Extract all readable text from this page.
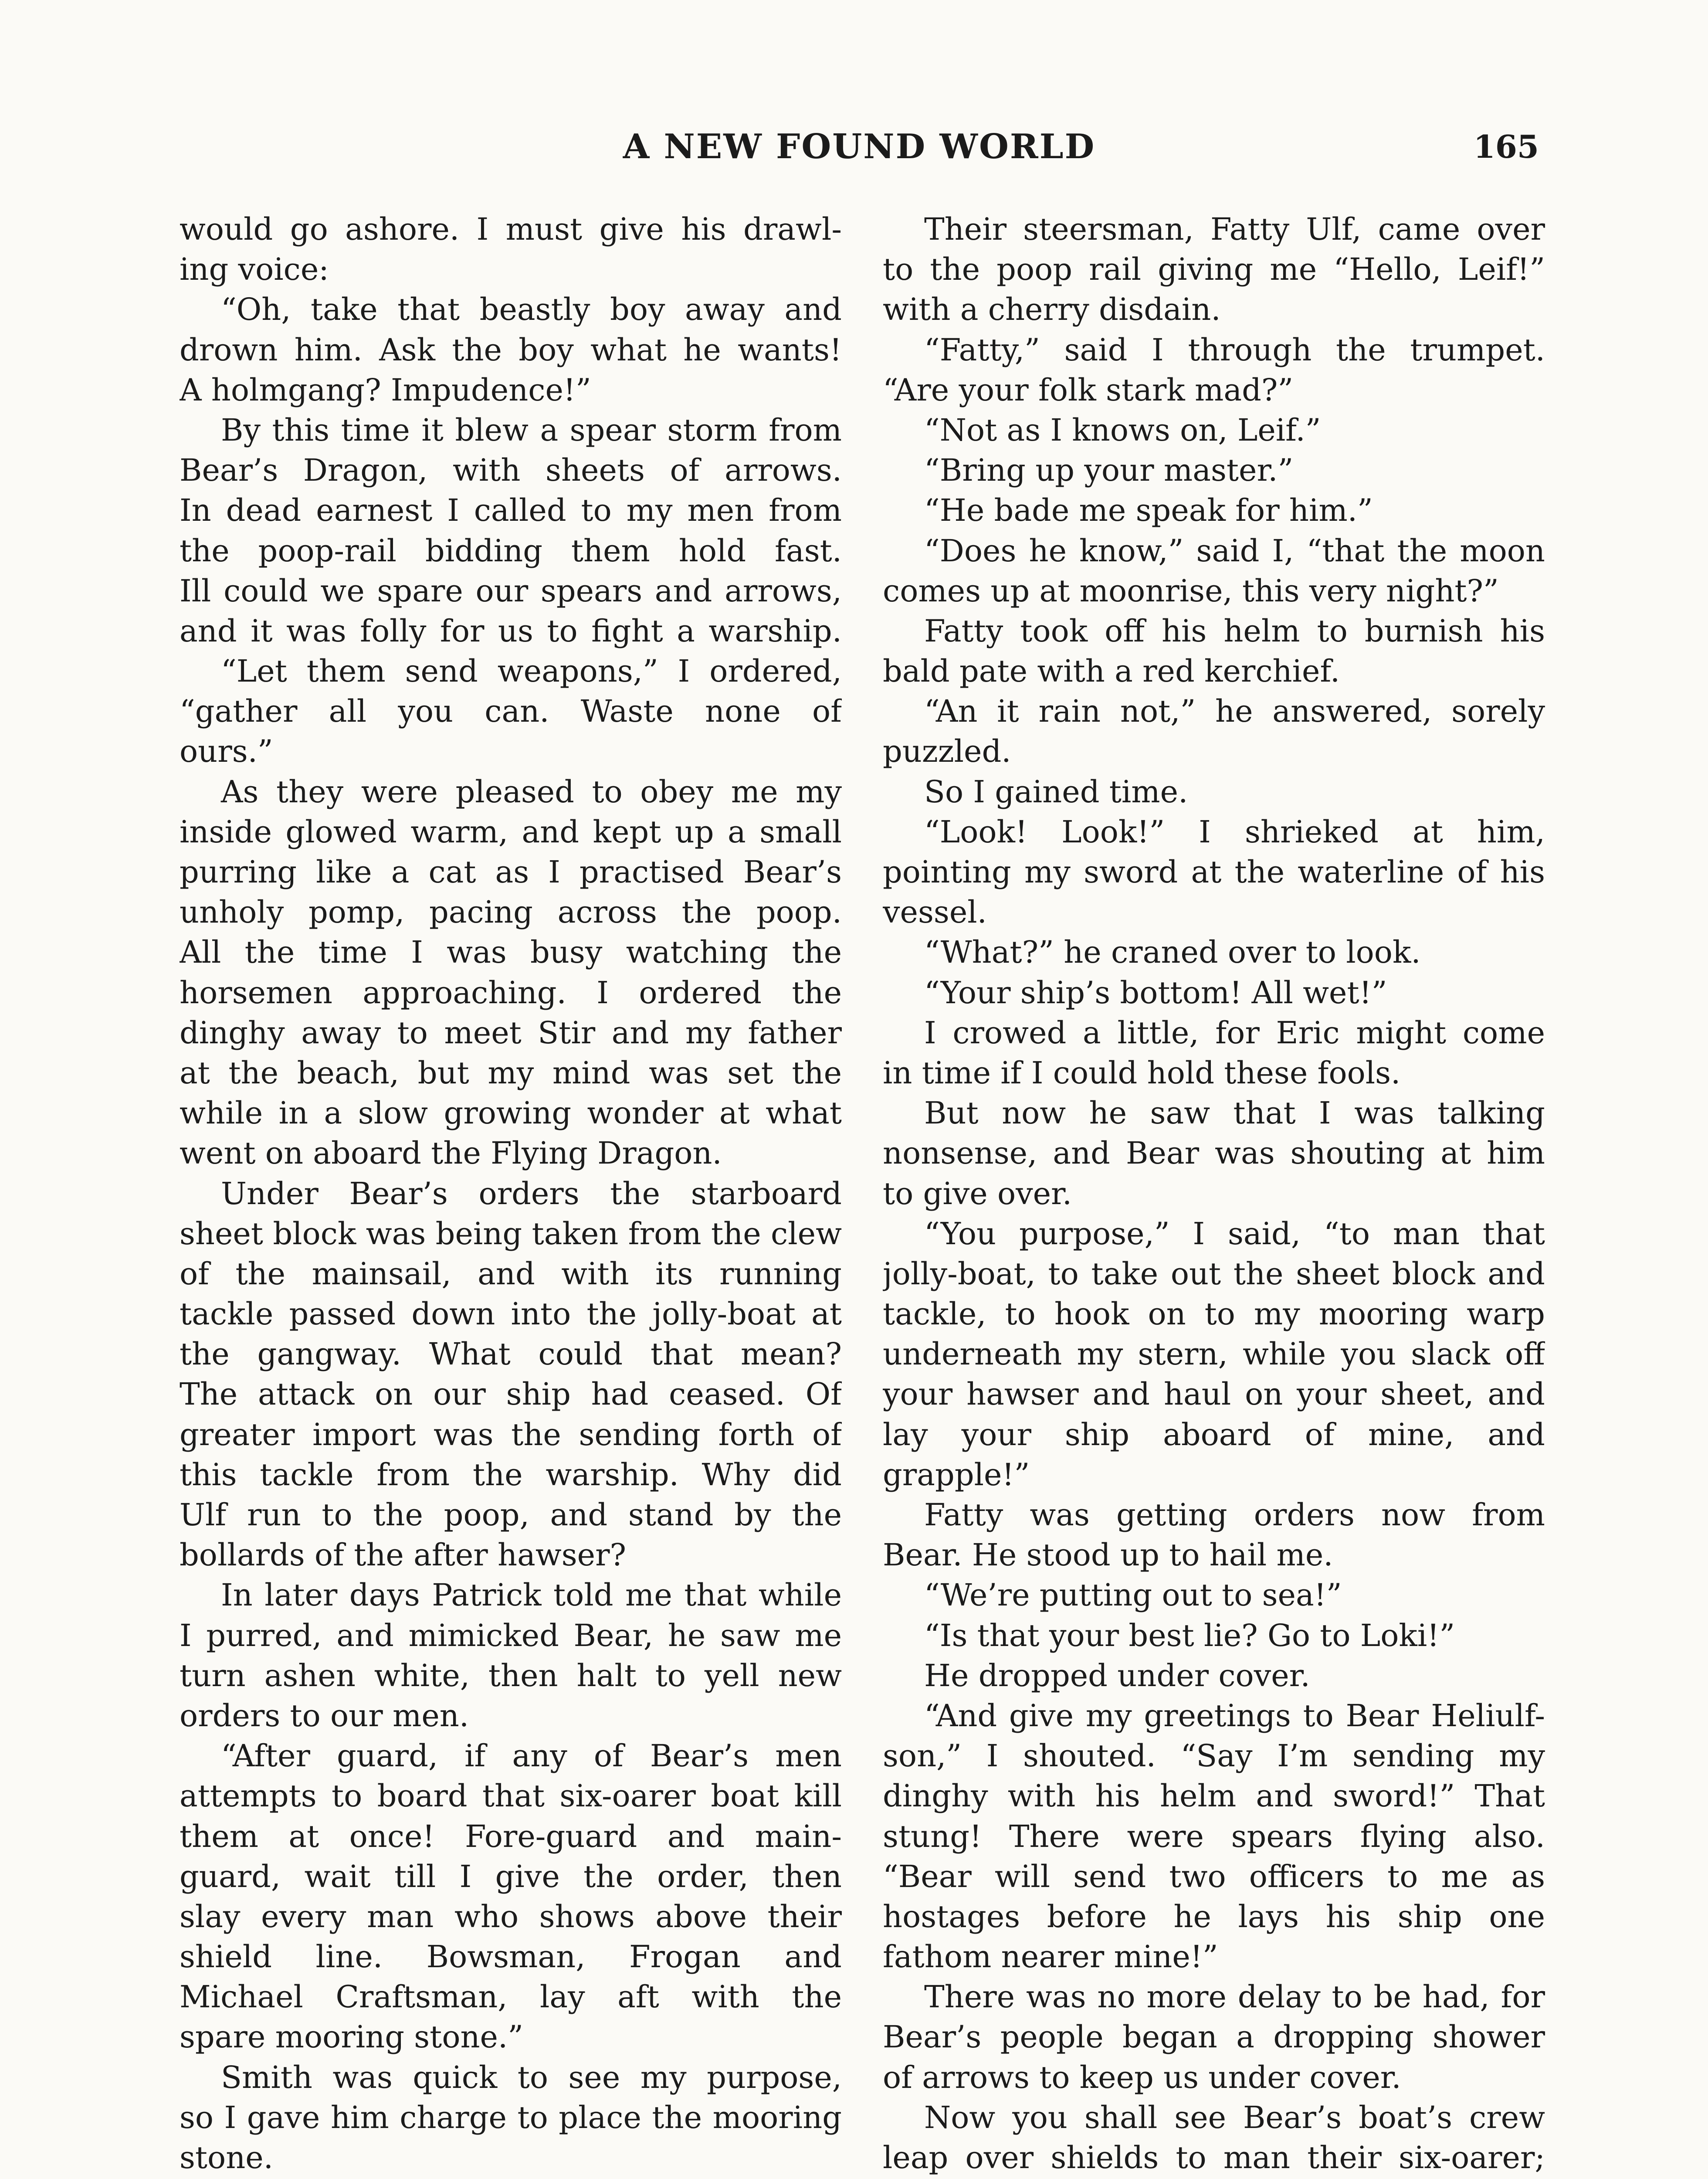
A NEW FOUND WORLD	165
would go ashore. I must give his drawl-
ing voice:
“Oh, take that beastly boy away and
drown him. Ask the boy what he wants!
A holmgang? Impudence!”
By this time it blew a spear storm from
Bear’s Dragon, with sheets of arrows.
In dead earnest I called to my men from
the poop-rail bidding them hold fast.
Ill could we spare our spears and arrows,
and it was folly for us to fight a warship.
“Let them send weapons,” I ordered,
“gather all you can. Waste none of
ours.”
As they were pleased to obey me my
inside glowed warm, and kept up a small
purring like a cat as I practised Bear’s
unholy pomp, pacing across the poop.
All the time I was busy watching the
horsemen approaching. I ordered the
dinghy away to meet Stir and my father
at the beach, but my mind was set the
while in a slow growing wonder at what
went on aboard the Flying Dragon.
Under Bear’s orders the starboard
sheet block was being taken from the clew
of the mainsail, and with its running
tackle passed down into the jolly-boat at
the gangway. What could that mean?
The attack on our ship had ceased. Of
greater import was the sending forth of
this tackle from the warship. Why did
Ulf run to the poop, and stand by the
bollards of the after hawser?
In later days Patrick told me that while
I purred, and mimicked Bear, he saw me
turn ashen white, then halt to yell new
orders to our men.
“After guard, if any of Bear’s men
attempts to board that six-oarer boat kill
them at once! Fore-guard and main-
guard, wait till I give the order, then
slay every man who shows above their
shield line. Bowsman, Frogan and
Michael Craftsman, lay aft with the
spare mooring stone.”
Smith was quick to see my purpose,
so I gave him charge to place the mooring
stone.
Their steersman, Fatty Ulf, came over
to the poop rail giving me “Hello, Leif!”
with a cherry disdain.
“Fatty,” said I through the trumpet.
“Are your folk stark mad?”
“Not as I knows on, Leif.”
“Bring up your master.”
“He bade me speak for him.”
“Does he know,” said I, “that the moon
comes up at moonrise, this very night?”
Fatty took off his helm to burnish his
bald pate with a red kerchief.
“An it rain not,” he answered, sorely
puzzled.
So I gained time.
“Look! Look!” I shrieked at him,
pointing my sword at the waterline of his
vessel.
“What?” he craned over to look.
“Your ship’s bottom! All wet!”
I crowed a little, for Eric might come
in time if I could hold these fools.
But now he saw that I was talking
nonsense, and Bear was shouting at him
to give over.
“You purpose,” I said, “to man that
jolly-boat, to take out the sheet block and
tackle, to hook on to my mooring warp
underneath my stern, while you slack off
your hawser and haul on your sheet, and
lay your ship aboard of mine, and
grapple!”
Fatty was getting orders now from
Bear. He stood up to hail me.
“We’re putting out to sea!”
“Is that your best lie? Go to Loki!”
He dropped under cover.
“And give my greetings to Bear Heliulf-
son,” I shouted. “Say I’m sending my
dinghy with his helm and sword!” That
stung! There were spears flying also.
“Bear will send two officers to me as
hostages before he lays his ship one
fathom nearer mine!”
There was no more delay to be had, for
Bear’s people began a dropping shower
of arrows to keep us under cover.
Now you shall see Bear’s boat’s crew
leap over shields to man their six-oarer;
